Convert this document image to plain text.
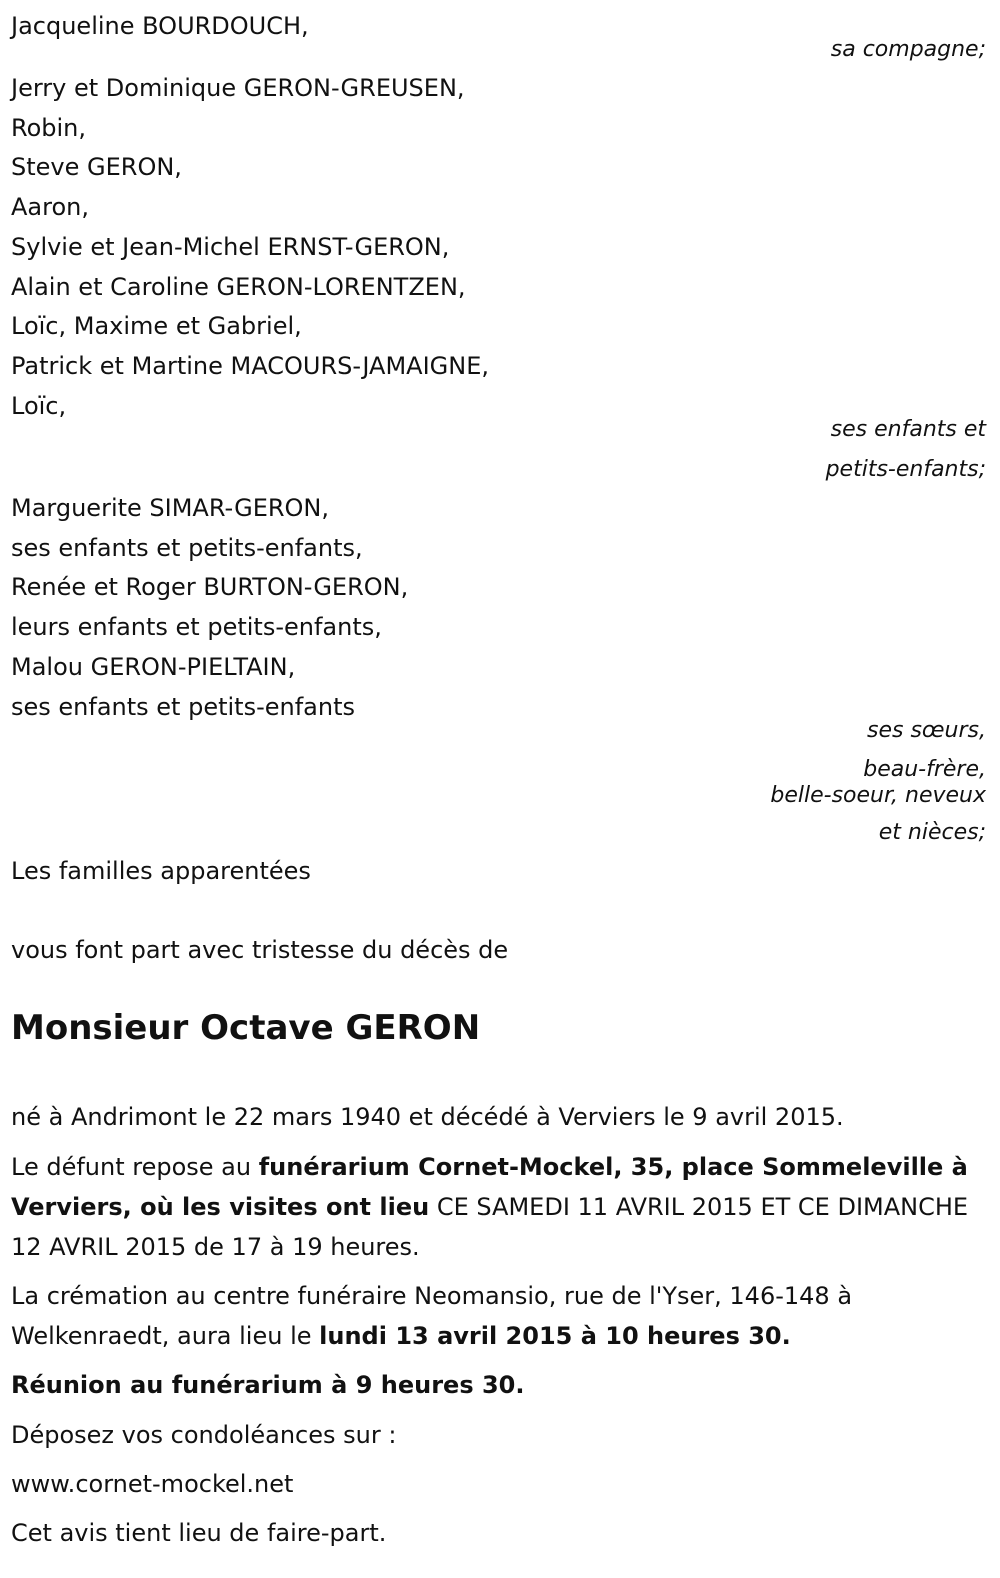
Jacqueline BOURDOUCH,
sa compagne;
Jerry et Dominique GERON-GREUSEN,
Robin,
Steve GERON,
Aaron,
Sylvie et Jean-Michel ERNST-GERON,
Alain et Caroline GERON-LORENTZEN,
Loïc, Maxime et Gabriel,
Patrick et Martine MACOURS-JAMAIGNE,
Loïc,
ses enfants et
petits-enfants;
Marguerite SIMAR-GERON,
ses enfants et petits-enfants,
Renée et Roger BURTON-GERON,
leurs enfants et petits-enfants,
Malou GERON-PIELTAIN,
ses enfants et petits-enfants
ses sœurs,
beau-frère,
belle-soeur, neveux
et nièces;
Les familles apparentées
vous font part avec tristesse du décès de
Monsieur Octave GERON
né à Andrimont le 22 mars 1940 et décédé à Verviers le 9 avril 2015.
Le défunt repose au funérarium Cornet-Mockel, 35, place Sommeleville à Verviers, où les visites ont lieu CE SAMEDI 11 AVRIL 2015 ET CE DIMANCHE 12 AVRIL 2015 de 17 à 19 heures.
La crémation au centre funéraire Neomansio, rue de l'Yser, 146-148 à Welkenraedt, aura lieu le lundi 13 avril 2015 à 10 heures 30.
Réunion au funérarium à 9 heures 30.
Déposez vos condoléances sur :
www.cornet-mockel.net
Cet avis tient lieu de faire-part.
